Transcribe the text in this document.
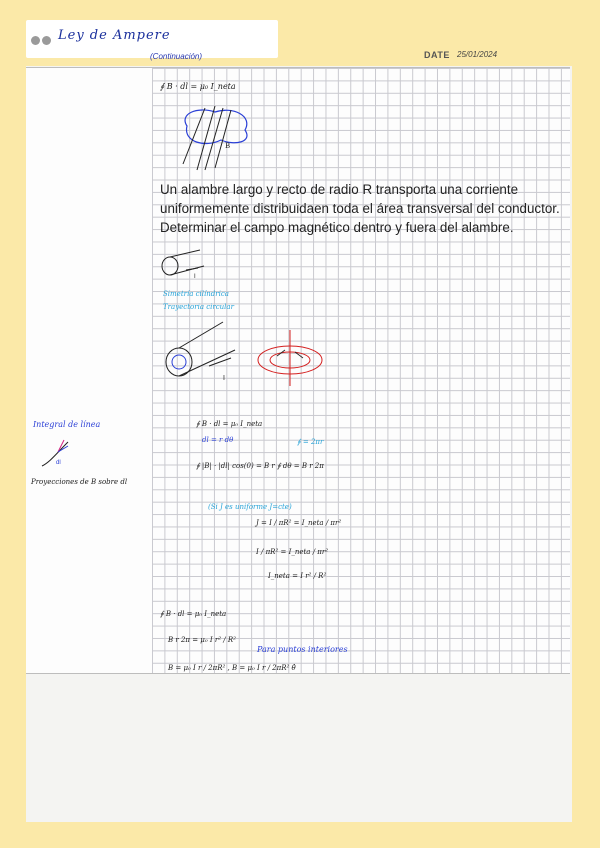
Ley de Ampere
(Continuación)	DATE 25/01/2024
∮ B · dl = μ₀ I_neta
B
Un alambre largo y recto de radio R transporta una corriente uniformemente distribuidaen toda el área transversal del conductor. Determinar el campo magnético dentro y fuera del alambre.
I
Simetría cilíndrica
Trayectoria circular
I
Integral de línea
dl
Proyecciones de B sobre dl
∮ B · dl = μ₀ I_neta
dl = r dθ	∮ = 2πr
∮ |B| · |dl| cos(0) = B r ∮ dθ = B r 2π
(Si J es uniforme J=cte)
J = I / πR² = I_neta / πr²
I / πR² = I_neta / πr²
I_neta = I r² / R²
∮ B · dl = μ₀ I_neta
B r 2π = μ₀ I r² / R²
Para puntos interiores
B = μ₀ I r / 2πR² , B = μ₀ I r / 2πR² θ̂
